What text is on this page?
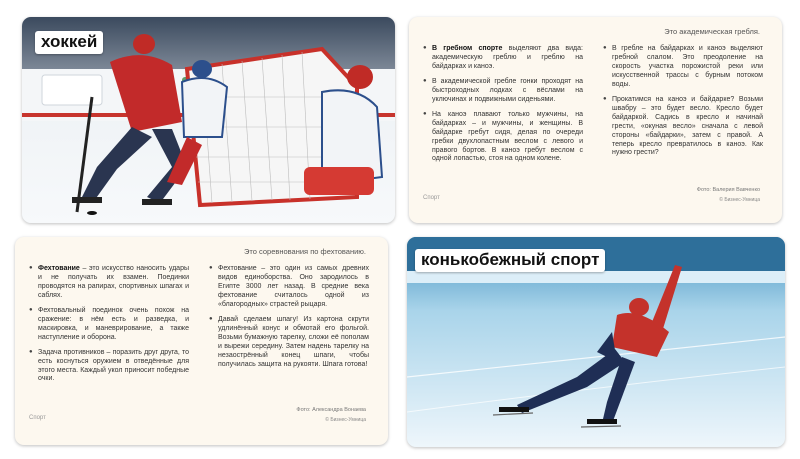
хоккей
Это академическая гребля.

● В гребном спорте выделяют два вида: академическую греблю и греблю на байдарках и каноэ.

● В академической гребле гонки проходят на быстроходных лодках с вёслами на уключинах и подвижными сиденьями.

● На каноэ плавают только мужчины, на байдарках – и мужчины, и женщины. В байдарке гребут сидя, делая по очереди гребки двухлопастным веслом с левого и правого бортов. В каноэ гребут веслом с одной лопастью, стоя на одном колене.

● В гребле на байдарках и каноэ выделяют гребной слалом. Это преодоление на скорость участка порожистой реки или искусственной трассы с бурным потоком воды.

● Прокатимся на каноэ и байдарке? Возьми швабру – это будет весло. Кресло будет байдаркой. Садись в кресло и начинай грести, «окуная весло» сначала с левой стороны «байдарки», затем с правой. А теперь кресло превратилось в каноэ. Как нужно грести?

Фото: Валерия Вавченко
© Бизнес-Умница
Спорт
Это соревнования по фехтованию.

● Фехтование – это искусство наносить удары и не получать их взамен. Поединки проводятся на рапирах, спортивных шпагах и саблях.

● Фехтовальный поединок очень похож на сражение: в нём есть и разведка, и маскировка, и маневрирование, а также наступление и оборона.

● Задача противников – поразить друг друга, то есть коснуться оружием в отведённые для этого места. Каждый укол приносит победные очки.

● Фехтование – это один из самых древних видов единоборства. Оно зародилось в Египте 3000 лет назад. В средние века фехтование считалось одной из «благородных» страстей рыцаря.

● Давай сделаем шпагу! Из картона скрути удлинённый конус и обмотай его фольгой. Возьми бумажную тарелку, сложи её пополам и вырежи середину. Затем надень тарелку на незаострённый конец шпаги, чтобы получилась защита на рукояти. Шпага готова!

Фото: Александра Вонаева
© Бизнес-Умница
Спорт
конькобежный спорт
